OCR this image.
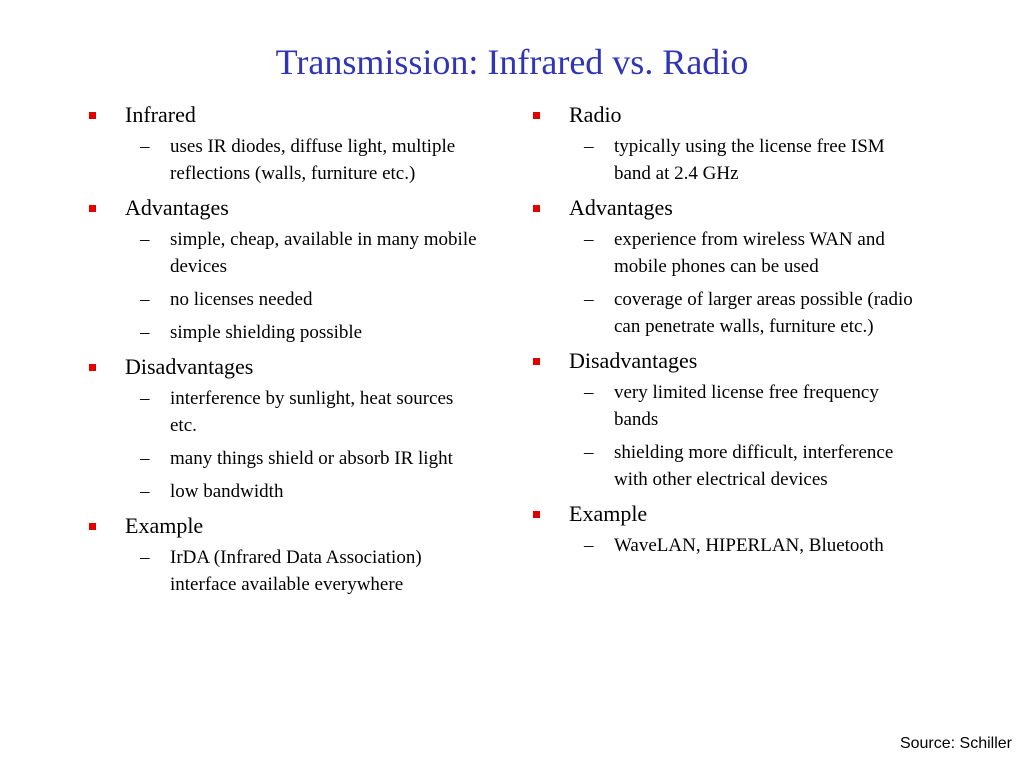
Transmission: Infrared vs. Radio
Infrared
– uses IR diodes, diffuse light, multiple reflections (walls, furniture etc.)
Advantages
– simple, cheap, available in many mobile devices
– no licenses needed
– simple shielding possible
Disadvantages
– interference by sunlight, heat sources etc.
– many things shield or absorb IR light
– low bandwidth
Example
– IrDA (Infrared Data Association) interface available everywhere
Radio
– typically using the license free ISM band at 2.4 GHz
Advantages
– experience from wireless WAN and mobile phones can be used
– coverage of larger areas possible (radio can penetrate walls, furniture etc.)
Disadvantages
– very limited license free frequency bands
– shielding more difficult, interference with other electrical devices
Example
– WaveLAN, HIPERLAN, Bluetooth
Source: Schiller
